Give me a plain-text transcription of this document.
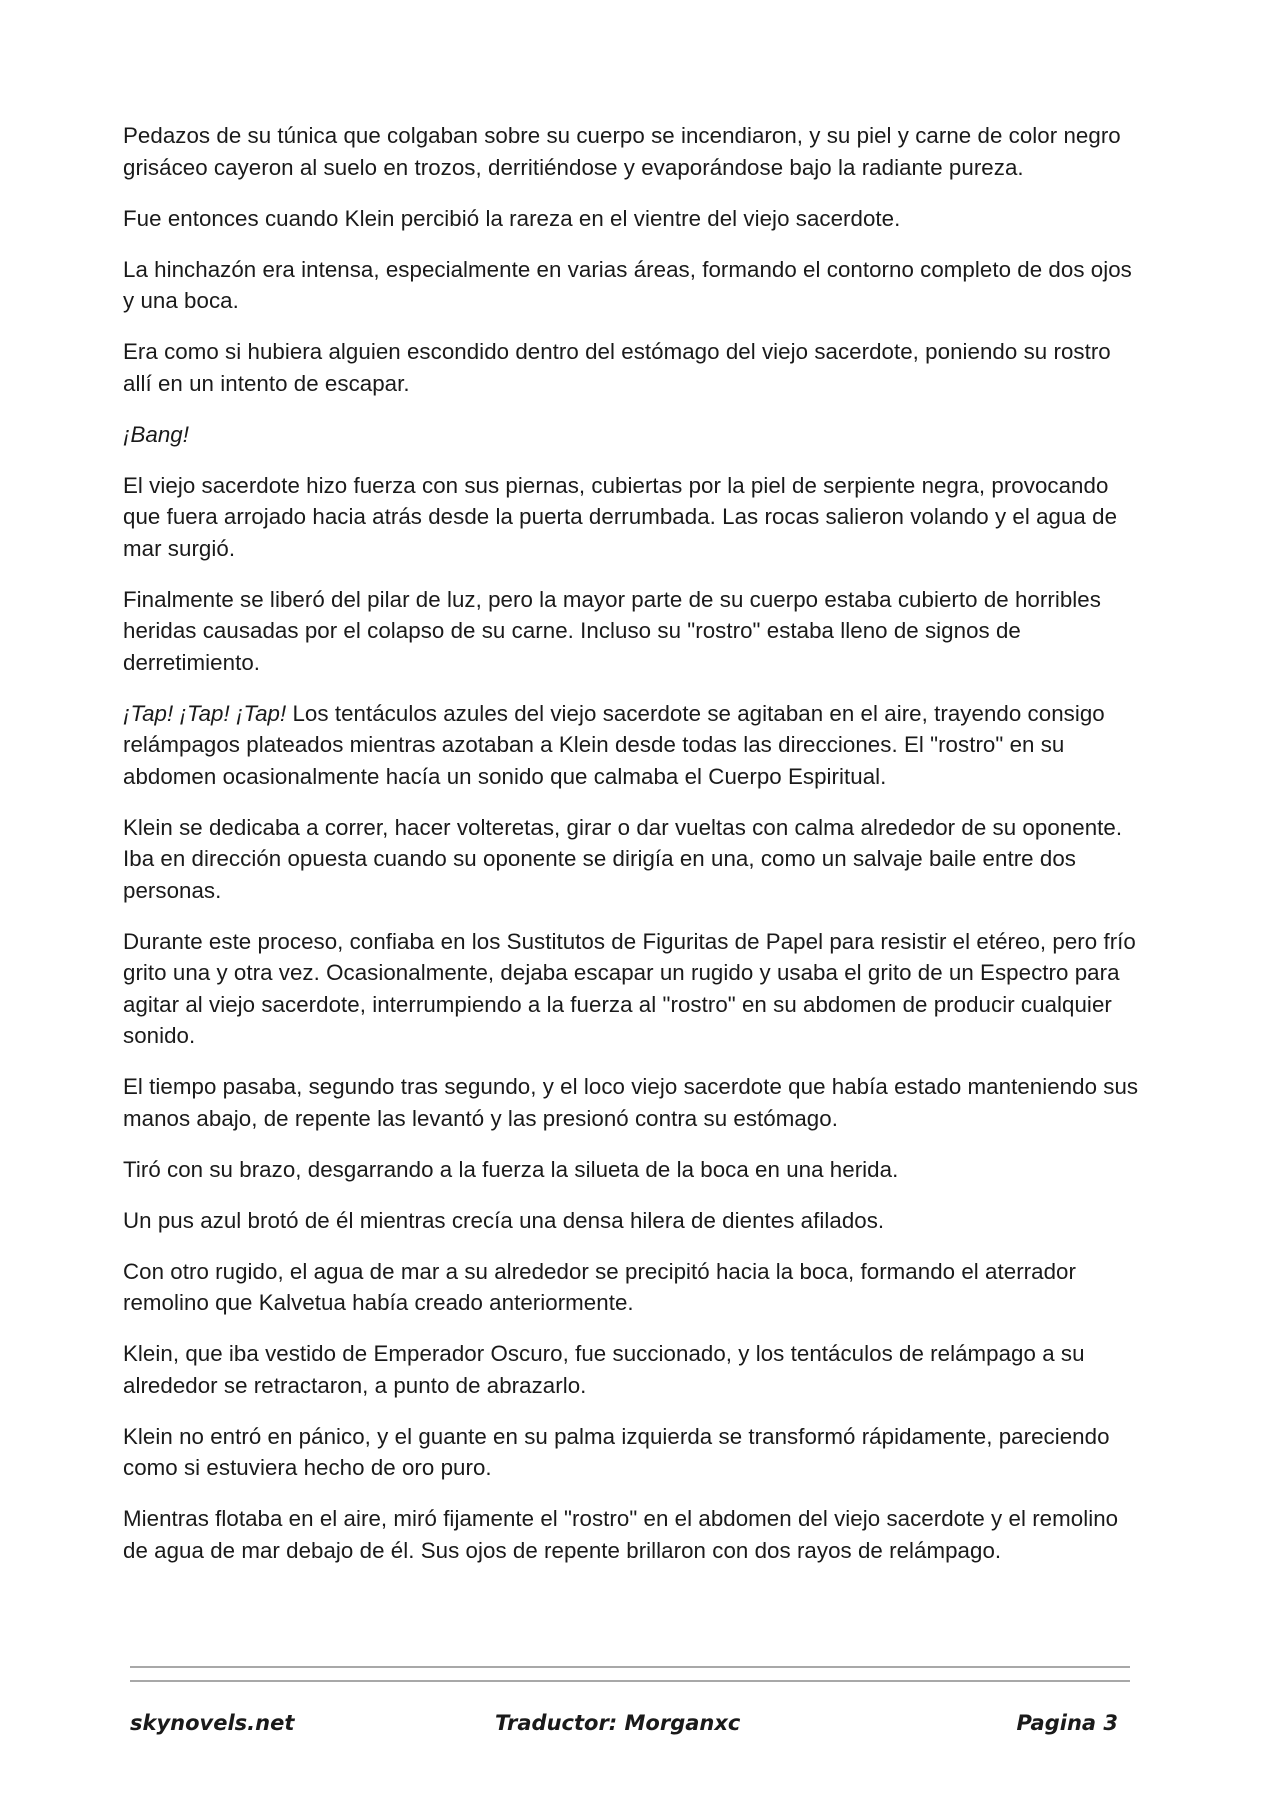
Pedazos de su túnica que colgaban sobre su cuerpo se incendiaron, y su piel y carne de color negro grisáceo cayeron al suelo en trozos, derritiéndose y evaporándose bajo la radiante pureza.

Fue entonces cuando Klein percibió la rareza en el vientre del viejo sacerdote.

La hinchazón era intensa, especialmente en varias áreas, formando el contorno completo de dos ojos y una boca.

Era como si hubiera alguien escondido dentro del estómago del viejo sacerdote, poniendo su rostro allí en un intento de escapar.

¡Bang!

El viejo sacerdote hizo fuerza con sus piernas, cubiertas por la piel de serpiente negra, provocando que fuera arrojado hacia atrás desde la puerta derrumbada. Las rocas salieron volando y el agua de mar surgió.

Finalmente se liberó del pilar de luz, pero la mayor parte de su cuerpo estaba cubierto de horribles heridas causadas por el colapso de su carne. Incluso su "rostro" estaba lleno de signos de derretimiento.

¡Tap! ¡Tap! ¡Tap! Los tentáculos azules del viejo sacerdote se agitaban en el aire, trayendo consigo relámpagos plateados mientras azotaban a Klein desde todas las direcciones. El "rostro" en su abdomen ocasionalmente hacía un sonido que calmaba el Cuerpo Espiritual.

Klein se dedicaba a correr, hacer volteretas, girar o dar vueltas con calma alrededor de su oponente. Iba en dirección opuesta cuando su oponente se dirigía en una, como un salvaje baile entre dos personas.

Durante este proceso, confiaba en los Sustitutos de Figuritas de Papel para resistir el etéreo, pero frío grito una y otra vez. Ocasionalmente, dejaba escapar un rugido y usaba el grito de un Espectro para agitar al viejo sacerdote, interrumpiendo a la fuerza al "rostro" en su abdomen de producir cualquier sonido.

El tiempo pasaba, segundo tras segundo, y el loco viejo sacerdote que había estado manteniendo sus manos abajo, de repente las levantó y las presionó contra su estómago.

Tiró con su brazo, desgarrando a la fuerza la silueta de la boca en una herida.

Un pus azul brotó de él mientras crecía una densa hilera de dientes afilados.

Con otro rugido, el agua de mar a su alrededor se precipitó hacia la boca, formando el aterrador remolino que Kalvetua había creado anteriormente.

Klein, que iba vestido de Emperador Oscuro, fue succionado, y los tentáculos de relámpago a su alrededor se retractaron, a punto de abrazarlo.

Klein no entró en pánico, y el guante en su palma izquierda se transformó rápidamente, pareciendo como si estuviera hecho de oro puro.

Mientras flotaba en el aire, miró fijamente el "rostro" en el abdomen del viejo sacerdote y el remolino de agua de mar debajo de él. Sus ojos de repente brillaron con dos rayos de relámpago.

skynovels.net	Traductor: Morganxc	Pagina 3
